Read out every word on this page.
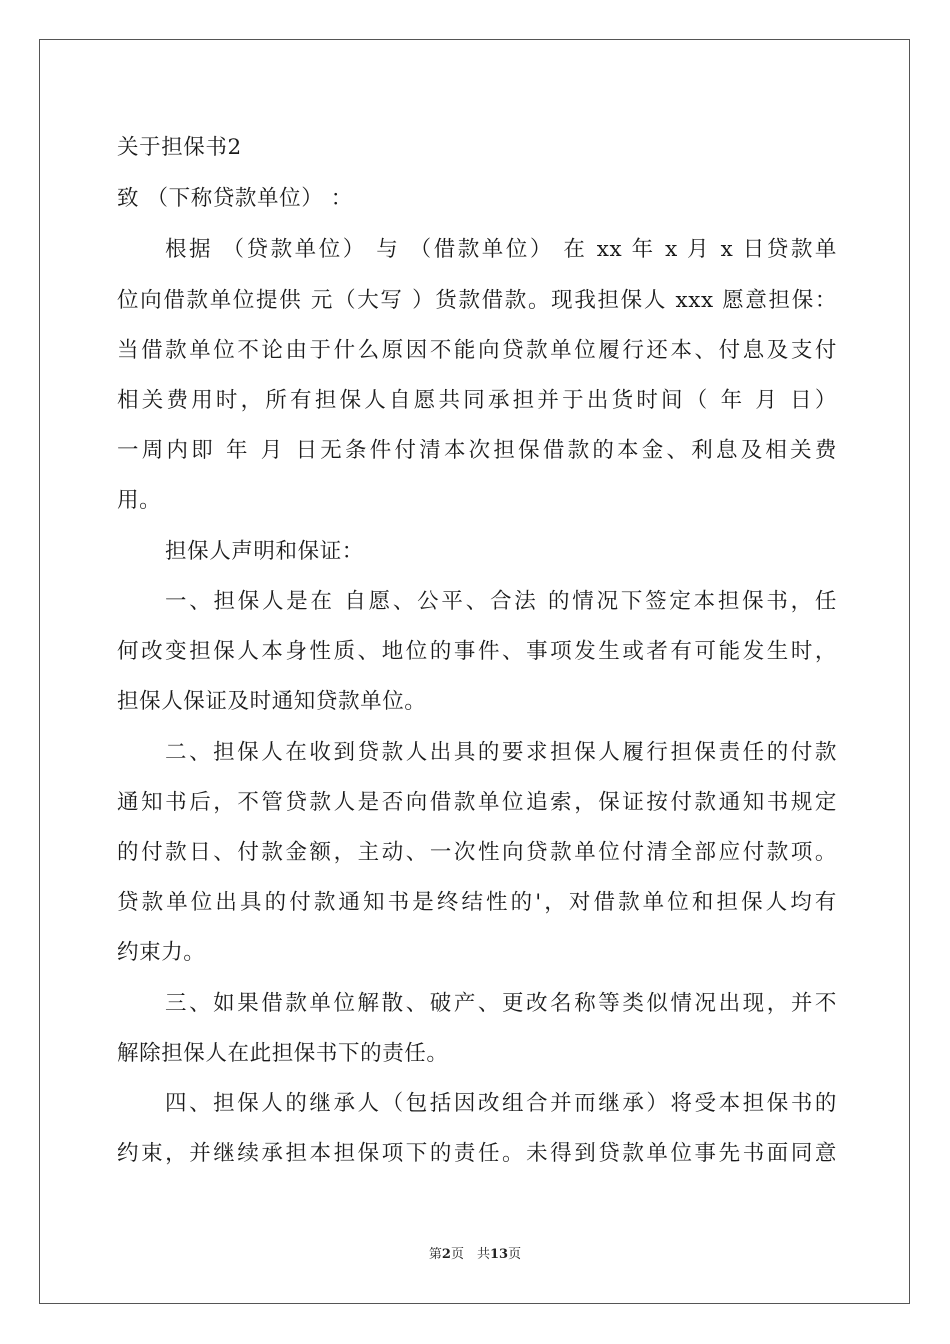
关于担保书2
致 （下称贷款单位） ：
根据 （贷款单位） 与 （借款单位） 在 xx 年 x 月 x 日贷款单
位向借款单位提供 元（大写 ）货款借款。现我担保人 xxx 愿意担保：
当借款单位不论由于什么原因不能向贷款单位履行还本、付息及支付
相关费用时，所有担保人自愿共同承担并于出货时间（ 年 月 日）
一周内即 年 月 日无条件付清本次担保借款的本金、利息及相关费
用。
担保人声明和保证：
一、担保人是在 自愿、公平、合法 的情况下签定本担保书，任
何改变担保人本身性质、地位的事件、事项发生或者有可能发生时，
担保人保证及时通知贷款单位。
二、担保人在收到贷款人出具的要求担保人履行担保责任的付款
通知书后，不管贷款人是否向借款单位追索，保证按付款通知书规定
的付款日、付款金额，主动、一次性向贷款单位付清全部应付款项。
贷款单位出具的付款通知书是终结性的'，对借款单位和担保人均有
约束力。
三、如果借款单位解散、破产、更改名称等类似情况出现，并不
解除担保人在此担保书下的责任。
四、担保人的继承人（包括因改组合并而继承）将受本担保书的
约束，并继续承担本担保项下的责任。未得到贷款单位事先书面同意
第2页　共13页
